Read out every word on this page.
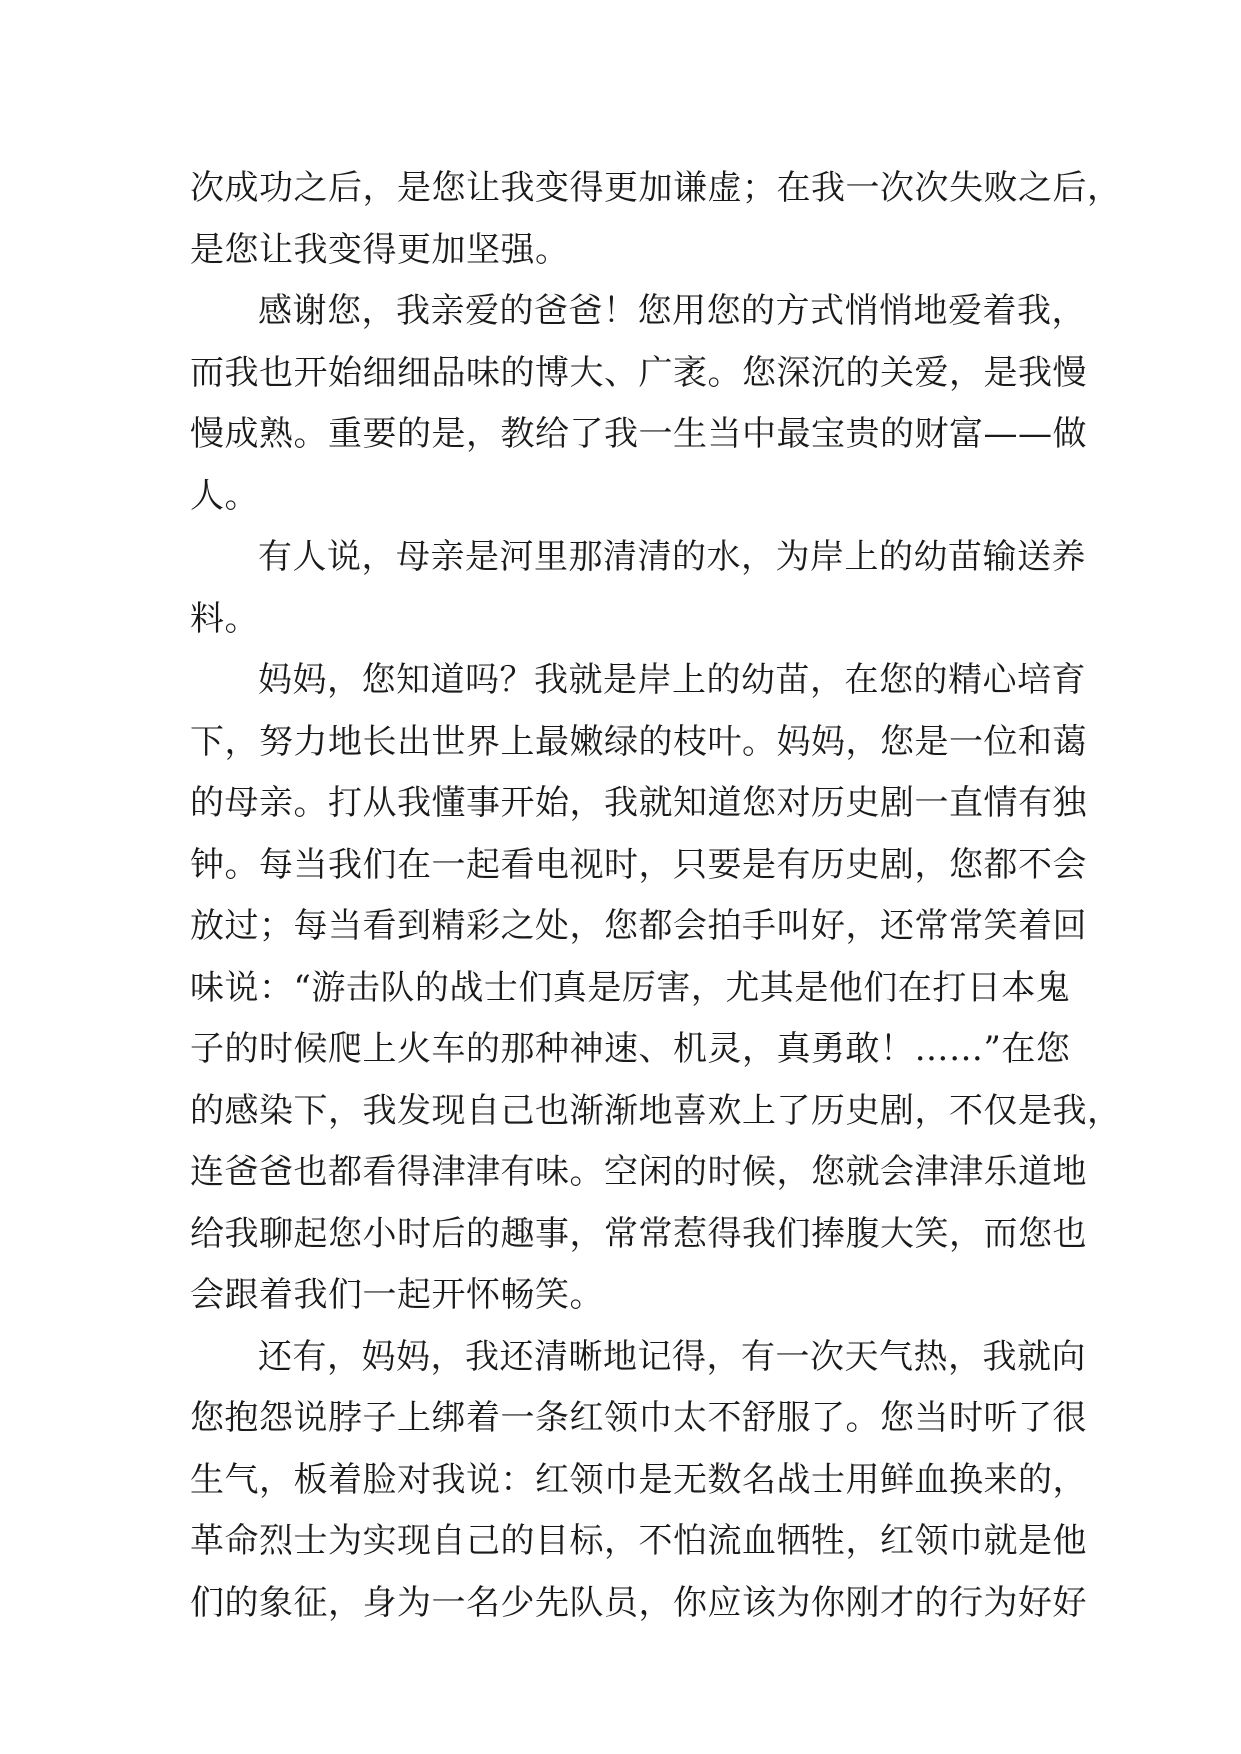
次成功之后，是您让我变得更加谦虚；在我一次次失败之后，
是您让我变得更加坚强。
感谢您，我亲爱的爸爸！您用您的方式悄悄地爱着我，
而我也开始细细品味的博大、广袤。您深沉的关爱，是我慢
慢成熟。重要的是，教给了我一生当中最宝贵的财富——做
人。
有人说，母亲是河里那清清的水，为岸上的幼苗输送养
料。
妈妈，您知道吗？我就是岸上的幼苗，在您的精心培育
下，努力地长出世界上最嫩绿的枝叶。妈妈，您是一位和蔼
的母亲。打从我懂事开始，我就知道您对历史剧一直情有独
钟。每当我们在一起看电视时，只要是有历史剧，您都不会
放过；每当看到精彩之处，您都会拍手叫好，还常常笑着回
味说：“游击队的战士们真是厉害，尤其是他们在打日本鬼
子的时候爬上火车的那种神速、机灵，真勇敢！……”在您
的感染下，我发现自己也渐渐地喜欢上了历史剧，不仅是我，
连爸爸也都看得津津有味。空闲的时候，您就会津津乐道地
给我聊起您小时后的趣事，常常惹得我们捧腹大笑，而您也
会跟着我们一起开怀畅笑。
还有，妈妈，我还清晰地记得，有一次天气热，我就向
您抱怨说脖子上绑着一条红领巾太不舒服了。您当时听了很
生气，板着脸对我说：红领巾是无数名战士用鲜血换来的，
革命烈士为实现自己的目标，不怕流血牺牲，红领巾就是他
们的象征，身为一名少先队员，你应该为你刚才的行为好好
